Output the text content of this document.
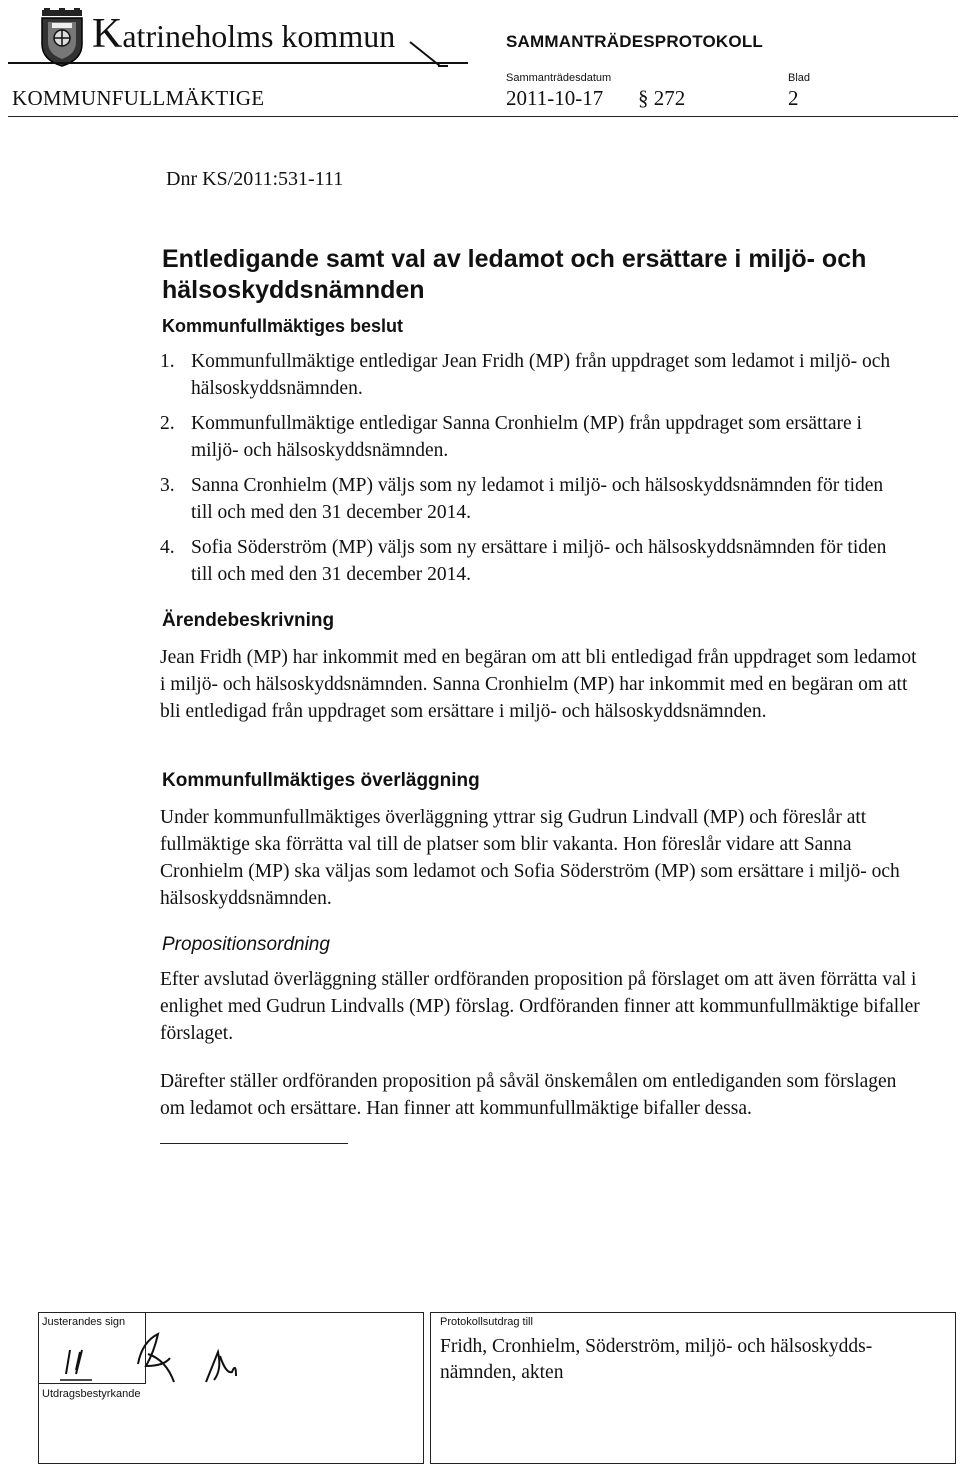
Katrineholms kommun	SAMMANTRÄDESPROTOKOLL
KOMMUNFULLMÄKTIGE
Sammanträdesdatum
2011-10-17 § 272
Blad
2
Dnr KS/2011:531-111
Entledigande samt val av ledamot och ersättare i miljö- och hälsoskyddsnämnden
Kommunfullmäktiges beslut
1. Kommunfullmäktige entledigar Jean Fridh (MP) från uppdraget som ledamot i miljö- och hälsoskyddsnämnden.
2. Kommunfullmäktige entledigar Sanna Cronhielm (MP) från uppdraget som ersättare i miljö- och hälsoskyddsnämnden.
3. Sanna Cronhielm (MP) väljs som ny ledamot i miljö- och hälsoskyddsnämnden för tiden till och med den 31 december 2014.
4. Sofia Söderström (MP) väljs som ny ersättare i miljö- och hälsoskyddsnämnden för tiden till och med den 31 december 2014.
Ärendebeskrivning
Jean Fridh (MP) har inkommit med en begäran om att bli entledigad från uppdraget som ledamot i miljö- och hälsoskyddsnämnden. Sanna Cronhielm (MP) har inkommit med en begäran om att bli entledigad från uppdraget som ersättare i miljö- och hälsoskyddsnämnden.
Kommunfullmäktiges överläggning
Under kommunfullmäktiges överläggning yttrar sig Gudrun Lindvall (MP) och föreslår att fullmäktige ska förrätta val till de platser som blir vakanta. Hon föreslår vidare att Sanna Cronhielm (MP) ska väljas som ledamot och Sofia Söderström (MP) som ersättare i miljö- och hälsoskyddsnämnden.
Propositionsordning
Efter avslutad överläggning ställer ordföranden proposition på förslaget om att även förrätta val i enlighet med Gudrun Lindvalls (MP) förslag. Ordföranden finner att kommunfullmäktige bifaller förslaget.
Därefter ställer ordföranden proposition på såväl önskemålen om entlediganden som förslagen om ledamot och ersättare. Han finner att kommunfullmäktige bifaller dessa.
Justerandes sign
Utdragsbestyrkande
Protokollsutdrag till
Fridh, Cronhielm, Söderström, miljö- och hälsoskydds-nämnden, akten
